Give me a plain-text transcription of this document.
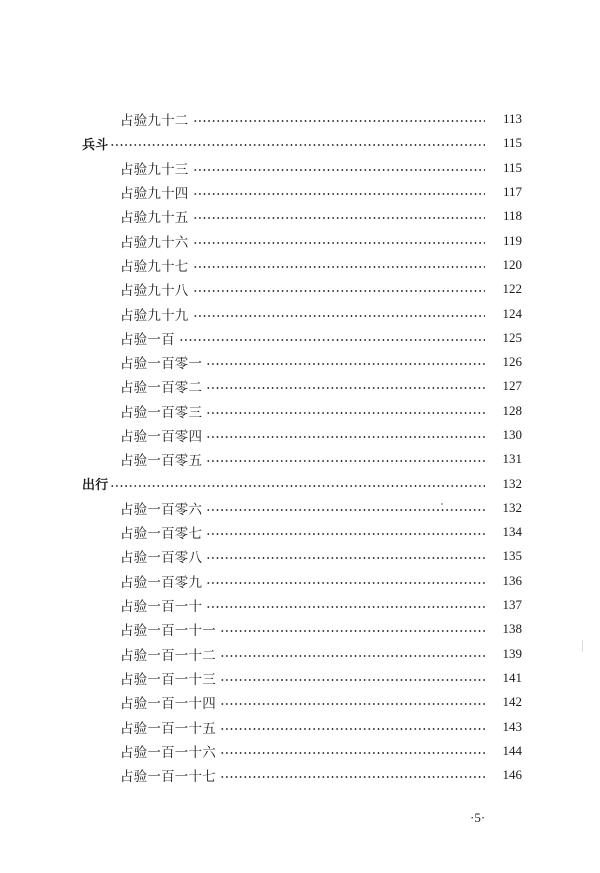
占验九十二	113
兵斗	115
占验九十三	115
占验九十四	117
占验九十五	118
占验九十六	119
占验九十七	120
占验九十八	122
占验九十九	124
占验一百	125
占验一百零一	126
占验一百零二	127
占验一百零三	128
占验一百零四	130
占验一百零五	131
出行	132
占验一百零六	132
占验一百零七	134
占验一百零八	135
占验一百零九	136
占验一百一十	137
占验一百一十一	138
占验一百一十二	139
占验一百一十三	141
占验一百一十四	142
占验一百一十五	143
占验一百一十六	144
占验一百一十七	146
·5·
